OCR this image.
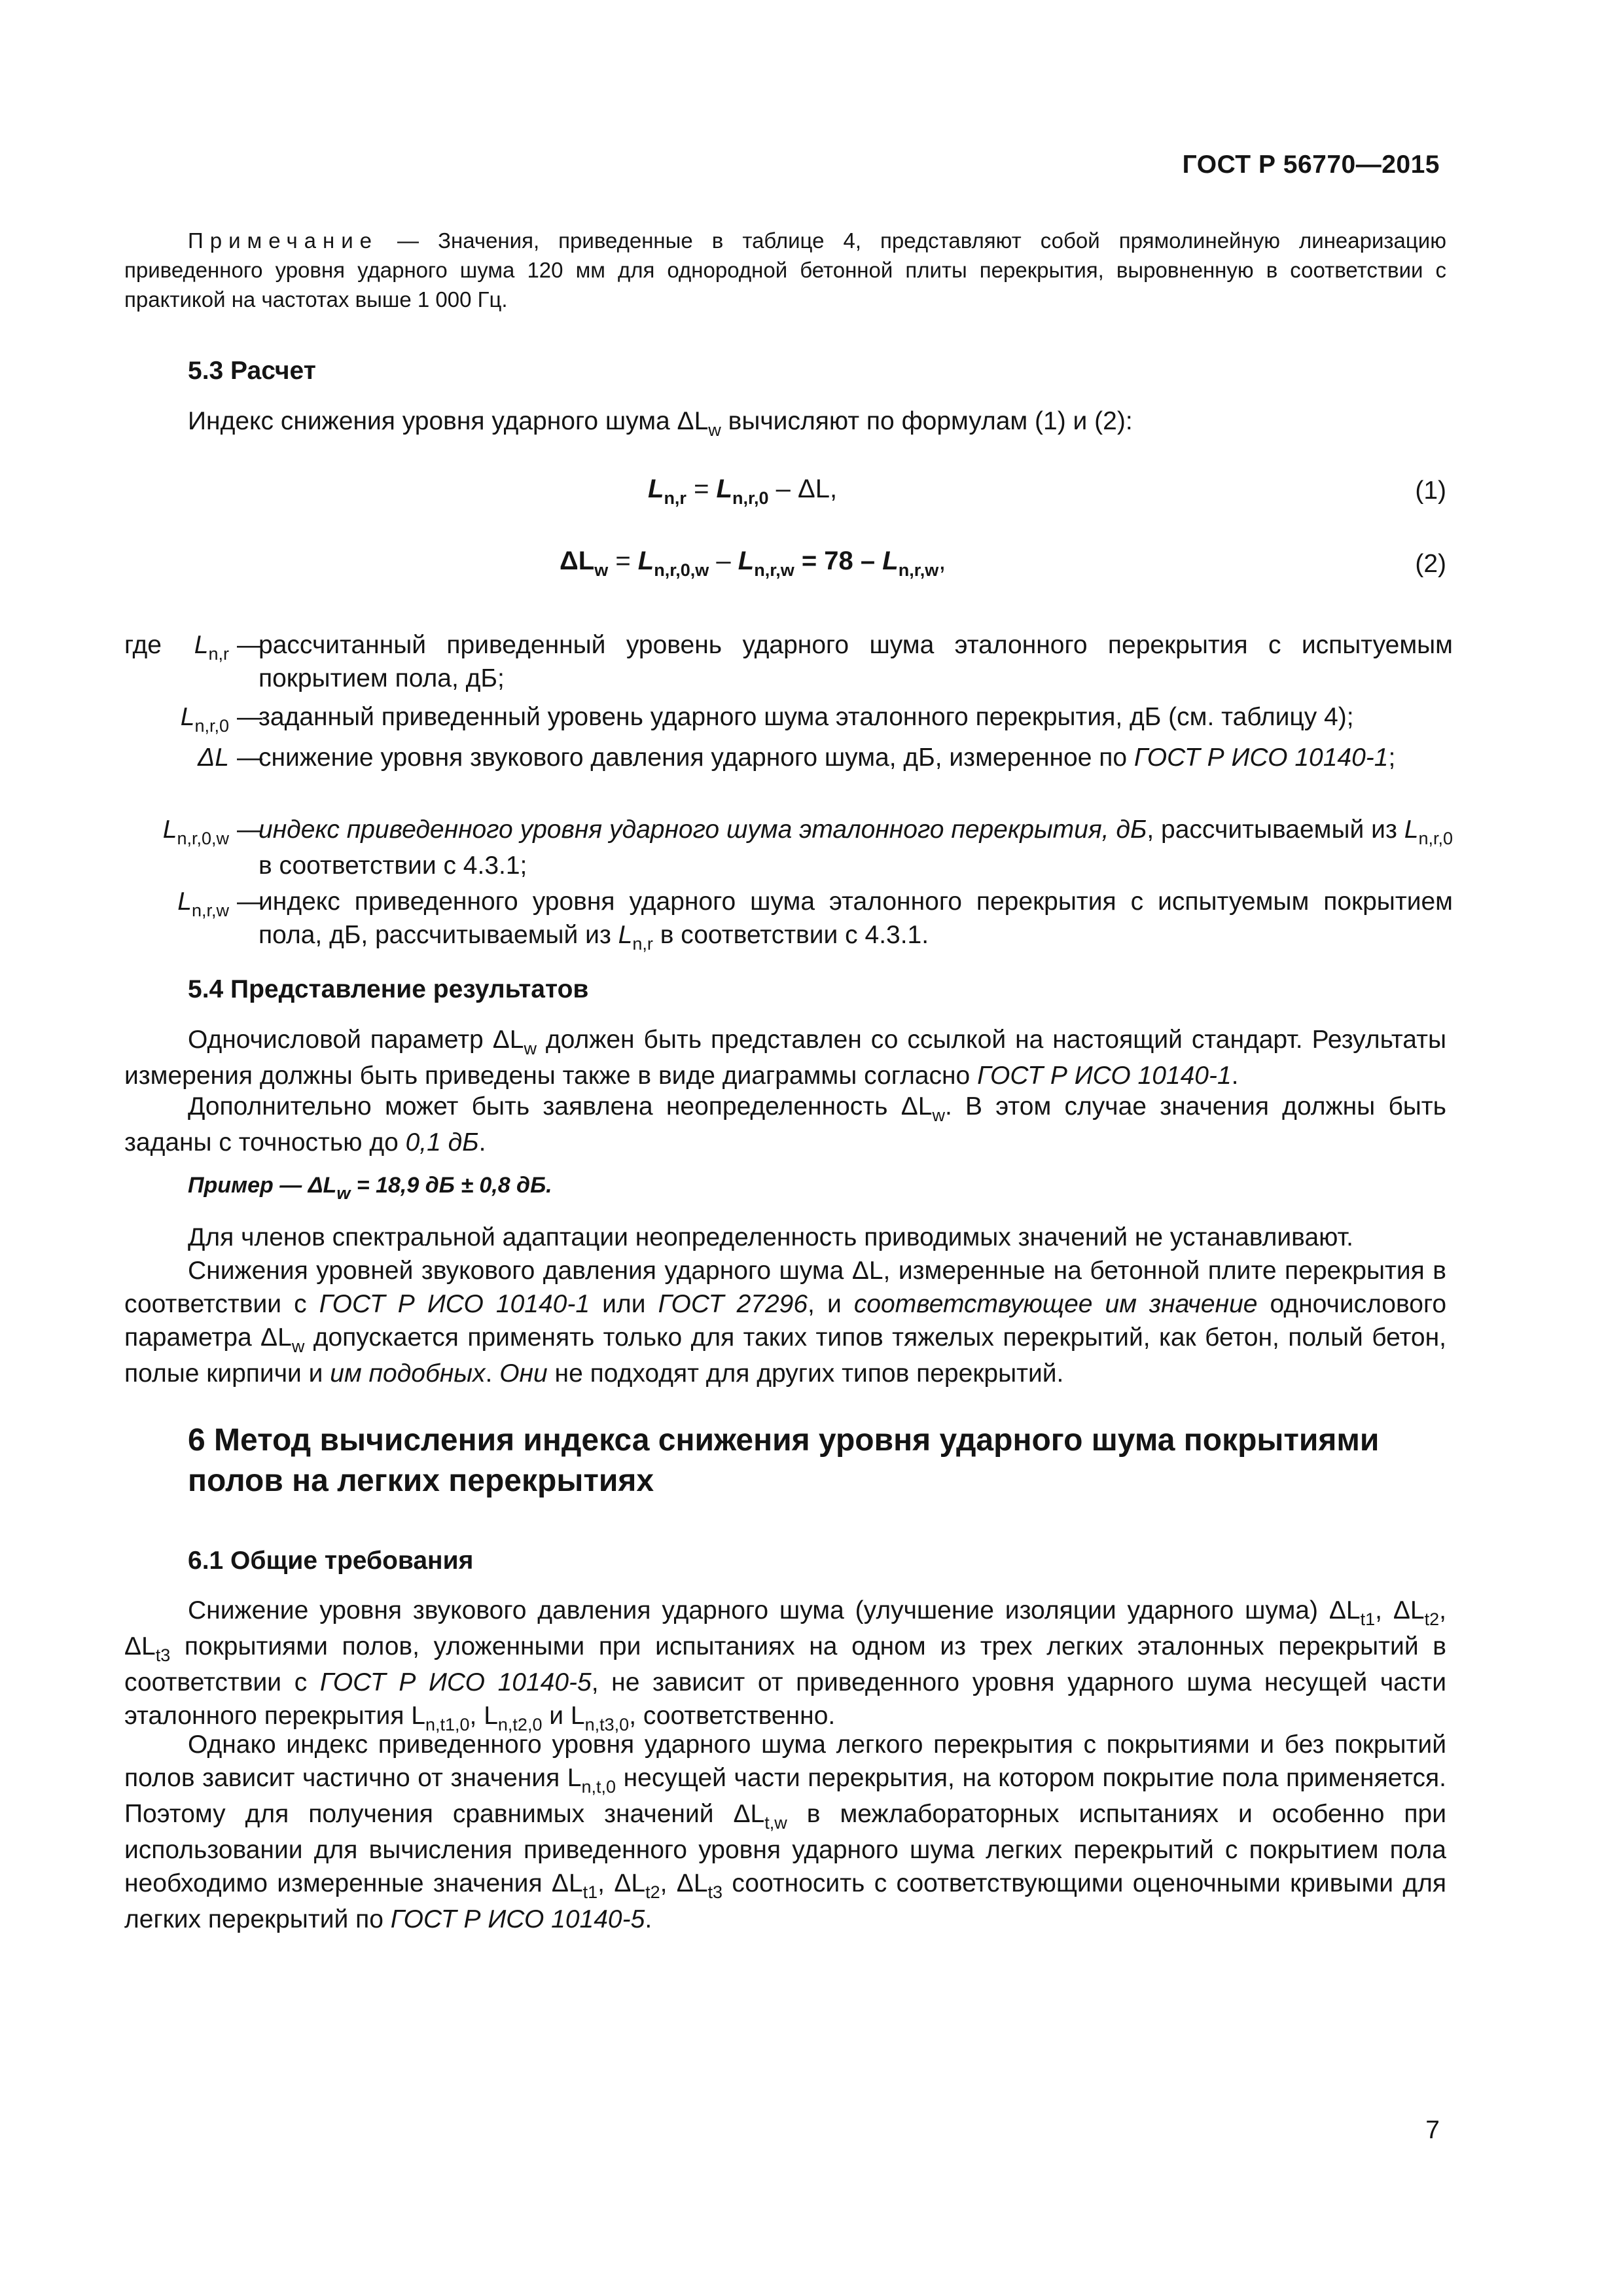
ГОСТ Р 56770—2015
Примечание — Значения, приведенные в таблице 4, представляют собой прямолинейную линеаризацию приведенного уровня ударного шума 120 мм для однородной бетонной плиты перекрытия, выровненную в соответствии с практикой на частотах выше 1 000 Гц.
5.3 Расчет
Индекс снижения уровня ударного шума $\Delta L_w$ вычисляют по формулам (1) и (2):
$L_{n,r} = L_{n,r,0} - \Delta L$,	(1)
$\Delta L_w = L_{n,r,0,w} - L_{n,r,w} = 78 - L_{n,r,w}$,	(2)
где	$L_{n,r}$ —
рассчитанный приведенный уровень ударного шума эталонного перекрытия с испытуемым покрытием пола, дБ;
$L_{n,r,0}$ —
заданный приведенный уровень ударного шума эталонного перекрытия, дБ (см. таблицу 4);
ΔL —
снижение уровня звукового давления ударного шума, дБ, измеренное по ГОСТ Р ИСО 10140-1;
$L_{n,r,0,w}$ —
индекс приведенного уровня ударного шума эталонного перекрытия, дБ, рассчитываемый из $L_{n,r,0}$ в соответствии с 4.3.1;
$L_{n,r,w}$ —
индекс приведенного уровня ударного шума эталонного перекрытия с испытуемым покрытием пола, дБ, рассчитываемый из $L_{n,r}$ в соответствии с 4.3.1.
5.4 Представление результатов
Одночисловой параметр $\Delta L_w$ должен быть представлен со ссылкой на настоящий стандарт. Результаты измерения должны быть приведены также в виде диаграммы согласно ГОСТ Р ИСО 10140-1.
Дополнительно может быть заявлена неопределенность $\Delta L_w$. В этом случае значения должны быть заданы с точностью до 0,1 дБ.
Пример — $\Delta L_w = 18,9$ дБ ± 0,8 дБ.
Для членов спектральной адаптации неопределенность приводимых значений не устанавливают.
Снижения уровней звукового давления ударного шума ΔL, измеренные на бетонной плите перекрытия в соответствии с ГОСТ Р ИСО 10140-1 или ГОСТ 27296, и соответствующее им значение одночислового параметра $\Delta L_w$ допускается применять только для таких типов тяжелых перекрытий, как бетон, полый бетон, полые кирпичи и им подобных. Они не подходят для других типов перекрытий.
6 Метод вычисления индекса снижения уровня ударного шума покрытиями полов на легких перекрытиях
6.1 Общие требования
Снижение уровня звукового давления ударного шума (улучшение изоляции ударного шума) $\Delta L_{t1}$, $\Delta L_{t2}$, $\Delta L_{t3}$ покрытиями полов, уложенными при испытаниях на одном из трех легких эталонных перекрытий в соответствии с ГОСТ Р ИСО 10140-5, не зависит от приведенного уровня ударного шума несущей части эталонного перекрытия $L_{n,t1,0}$, $L_{n,t2,0}$ и $L_{n,t3,0}$, соответственно.
Однако индекс приведенного уровня ударного шума легкого перекрытия с покрытиями и без покрытий полов зависит частично от значения $L_{n,t,0}$ несущей части перекрытия, на котором покрытие пола применяется. Поэтому для получения сравнимых значений $\Delta L_{t,w}$ в межлабораторных испытаниях и особенно при использовании для вычисления приведенного уровня ударного шума легких перекрытий с покрытием пола необходимо измеренные значения $\Delta L_{t1}$, $\Delta L_{t2}$, $\Delta L_{t3}$ соотносить с соответствующими оценочными кривыми для легких перекрытий по ГОСТ Р ИСО 10140-5.
7
